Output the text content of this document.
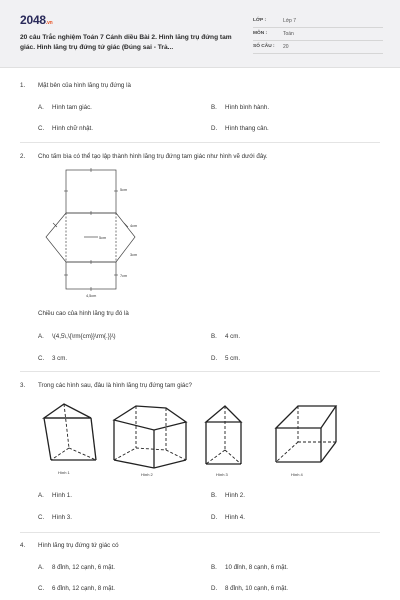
2048.vn
20 câu Trắc nghiệm Toán 7 Cánh diều Bài 2. Hình lăng trụ đứng tam giác. Hình lăng trụ đứng tứ giác (Đúng sai - Trả...
LỚP :	Lớp 7
MÔN :	Toán
SỐ CÂU : 20
1. Mặt bên của hình lăng trụ đứng là
A. Hình tam giác.	B. Hình bình hành.
C. Hình chữ nhật.	D. Hình thang cân.
2. Cho tấm bìa có thể tạo lập thành hình lăng trụ đứng tam giác như hình vẽ dưới đây.
5cm
4cm
5cm
3cm
7cm
4,5cm
Chiều cao của hình lăng trụ đó là
A. \(4,5\,\{\rm{cm}}\rm{.}}\)	B. 4 cm.
C. 3 cm.	D. 5 cm.
3. Trong các hình sau, đâu là hình lăng trụ đứng tam giác?
Hình 1	Hình 2	Hình 3	Hình 4
A. Hình 1.	B. Hình 2.
C. Hình 3.	D. Hình 4.
4. Hình lăng trụ đứng tứ giác có
A. 8 đỉnh, 12 cạnh, 6 mặt.	B. 10 đỉnh, 8 cạnh, 6 mặt.
C. 6 đỉnh, 12 cạnh, 8 mặt.	D. 8 đỉnh, 10 cạnh, 6 mặt.
